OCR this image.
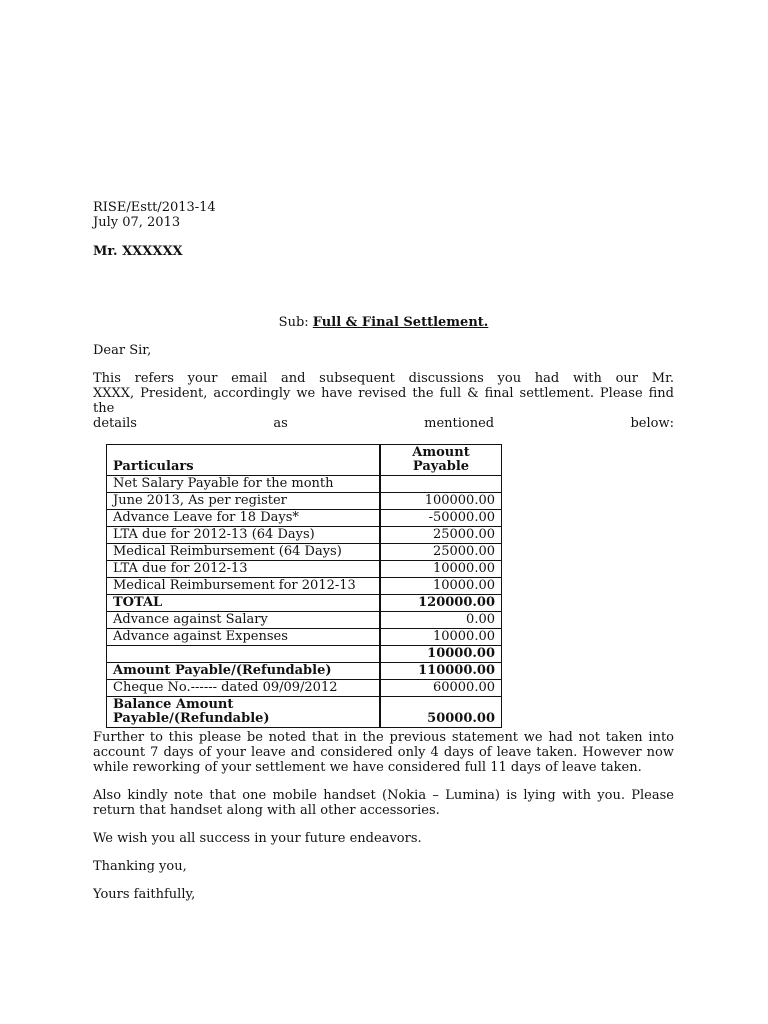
RISE/Estt/2013-14
July 07, 2013
Mr. XXXXXX
Sub: Full & Final Settlement.
Dear Sir,
This refers your email and subsequent discussions you had with our Mr.
XXXX, President, accordingly we have revised the full & final settlement. Please find the
details as mentioned below:
Particulars	Amount
Payable

Net Salary Payable for the month	
June 2013, As per register	100000.00
Advance Leave for 18 Days*	-50000.00
LTA due for 2012-13 (64 Days)	25000.00
Medical Reimbursement (64 Days)	25000.00
LTA due for 2012-13	10000.00
Medical Reimbursement for 2012-13	10000.00
TOTAL	120000.00
Advance against Salary	0.00
Advance against Expenses	10000.00
	10000.00
Amount Payable/(Refundable)	110000.00
Cheque No.------ dated 09/09/2012	60000.00

Balance Amount
Payable/(Refundable)	50000.00

Further to this please be noted that in the previous statement we had not taken into account 7 days of your leave and considered only 4 days of leave taken. However now while reworking of your settlement we have considered full 11 days of leave taken.

Also kindly note that one mobile handset (Nokia – Lumina) is lying with you. Please return that handset along with all other accessories.

We wish you all success in your future endeavors.

Thanking you,

Yours faithfully,
